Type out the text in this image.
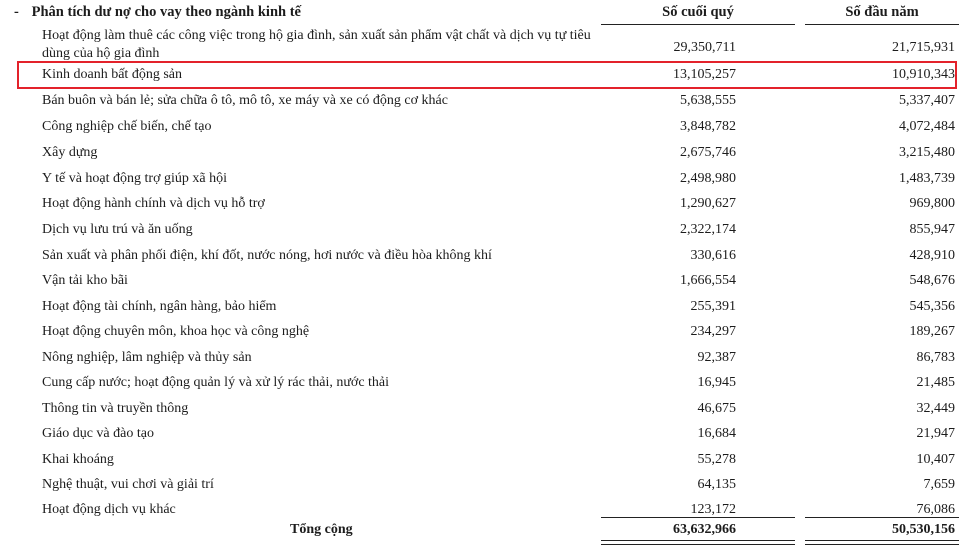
- Phân tích dư nợ cho vay theo ngành kinh tế	Số cuối quý	Số đầu năm
Hoạt động làm thuê các công việc trong hộ gia đình, sản xuất sản phẩm vật chất và dịch vụ tự tiêu dùng của hộ gia đình	29,350,711	21,715,931
Kinh doanh bất động sản	13,105,257	10,910,343
Bán buôn và bán lẻ; sửa chữa ô tô, mô tô, xe máy và xe có động cơ khác	5,638,555	5,337,407
Công nghiệp chế biến, chế tạo	3,848,782	4,072,484
Xây dựng	2,675,746	3,215,480
Y tế và hoạt động trợ giúp xã hội	2,498,980	1,483,739
Hoạt động hành chính và dịch vụ hỗ trợ	1,290,627	969,800
Dịch vụ lưu trú và ăn uống	2,322,174	855,947
Sản xuất và phân phối điện, khí đốt, nước nóng, hơi nước và điều hòa không khí	330,616	428,910
Vận tải kho bãi	1,666,554	548,676
Hoạt động tài chính, ngân hàng, bảo hiểm	255,391	545,356
Hoạt động chuyên môn, khoa học và công nghệ	234,297	189,267
Nông nghiệp, lâm nghiệp và thủy sản	92,387	86,783
Cung cấp nước; hoạt động quản lý và xử lý rác thải, nước thải	16,945	21,485
Thông tin và truyền thông	46,675	32,449
Giáo dục và đào tạo	16,684	21,947
Khai khoáng	55,278	10,407
Nghệ thuật, vui chơi và giải trí	64,135	7,659
Hoạt động dịch vụ khác	123,172	76,086
Tổng cộng	63,632,966	50,530,156
